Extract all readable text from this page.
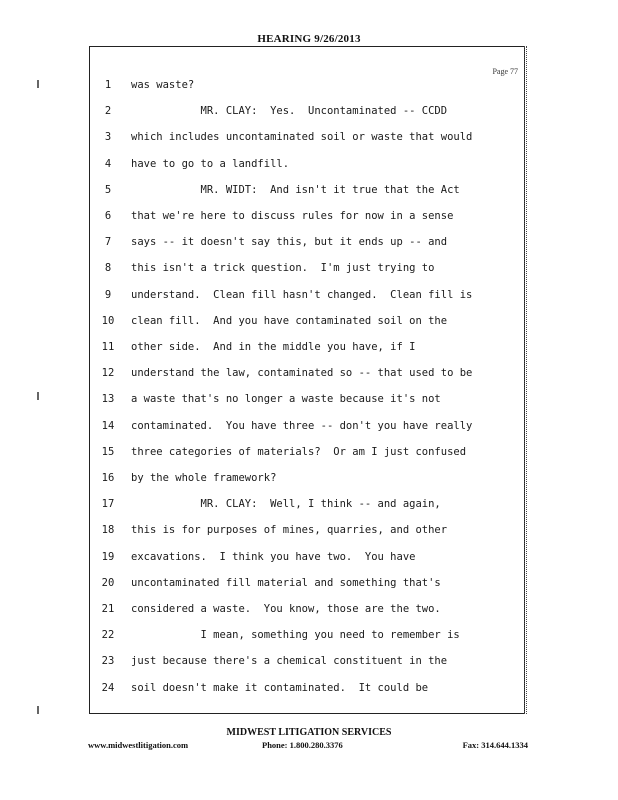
HEARING 9/26/2013
Page 77
1	was waste?
2	MR. CLAY:  Yes.  Uncontaminated -- CCDD
3	which includes uncontaminated soil or waste that would
4	have to go to a landfill.
5	MR. WIDT:  And isn't it true that the Act
6	that we're here to discuss rules for now in a sense
7	says -- it doesn't say this, but it ends up -- and
8	this isn't a trick question.  I'm just trying to
9	understand.  Clean fill hasn't changed.  Clean fill is
10	clean fill.  And you have contaminated soil on the
11	other side.  And in the middle you have, if I
12	understand the law, contaminated so -- that used to be
13	a waste that's no longer a waste because it's not
14	contaminated.  You have three -- don't you have really
15	three categories of materials?  Or am I just confused
16	by the whole framework?
17	MR. CLAY:  Well, I think -- and again,
18	this is for purposes of mines, quarries, and other
19	excavations.  I think you have two.  You have
20	uncontaminated fill material and something that's
21	considered a waste.  You know, those are the two.
22	I mean, something you need to remember is
23	just because there's a chemical constituent in the
24	soil doesn't make it contaminated.  It could be
MIDWEST LITIGATION SERVICES
www.midwestlitigation.com	Phone: 1.800.280.3376	Fax: 314.644.1334
